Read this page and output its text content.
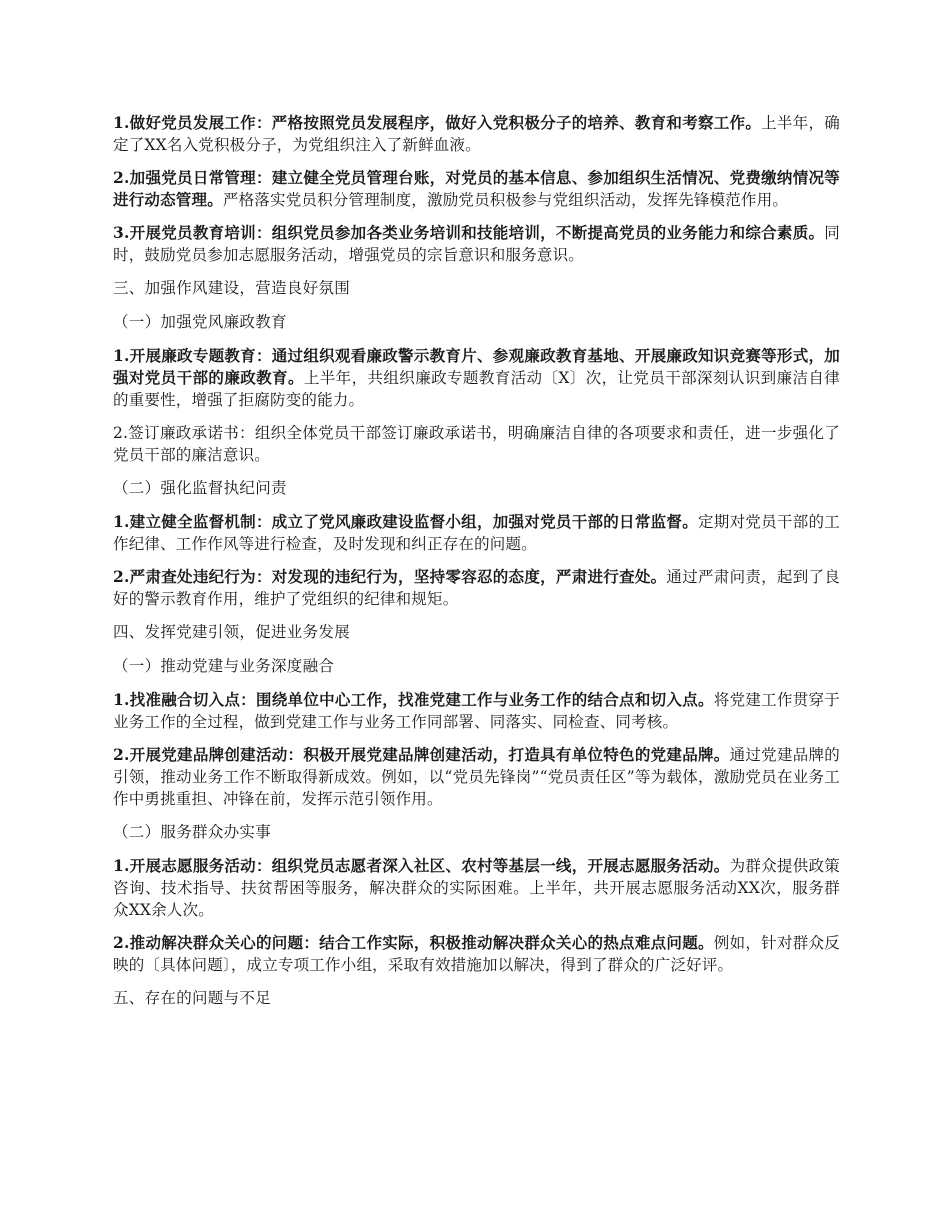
1.做好党员发展工作：严格按照党员发展程序，做好入党积极分子的培养、教育和考察工作。上半年，确定了XX名入党积极分子，为党组织注入了新鲜血液。

2.加强党员日常管理：建立健全党员管理台账，对党员的基本信息、参加组织生活情况、党费缴纳情况等进行动态管理。严格落实党员积分管理制度，激励党员积极参与党组织活动，发挥先锋模范作用。

3.开展党员教育培训：组织党员参加各类业务培训和技能培训，不断提高党员的业务能力和综合素质。同时，鼓励党员参加志愿服务活动，增强党员的宗旨意识和服务意识。

三、加强作风建设，营造良好氛围

（一）加强党风廉政教育

1.开展廉政专题教育：通过组织观看廉政警示教育片、参观廉政教育基地、开展廉政知识竞赛等形式，加强对党员干部的廉政教育。上半年，共组织廉政专题教育活动〔X〕次，让党员干部深刻认识到廉洁自律的重要性，增强了拒腐防变的能力。

2.签订廉政承诺书：组织全体党员干部签订廉政承诺书，明确廉洁自律的各项要求和责任，进一步强化了党员干部的廉洁意识。

（二）强化监督执纪问责

1.建立健全监督机制：成立了党风廉政建设监督小组，加强对党员干部的日常监督。定期对党员干部的工作纪律、工作作风等进行检查，及时发现和纠正存在的问题。

2.严肃查处违纪行为：对发现的违纪行为，坚持零容忍的态度，严肃进行查处。通过严肃问责，起到了良好的警示教育作用，维护了党组织的纪律和规矩。

四、发挥党建引领，促进业务发展

（一）推动党建与业务深度融合

1.找准融合切入点：围绕单位中心工作，找准党建工作与业务工作的结合点和切入点。将党建工作贯穿于业务工作的全过程，做到党建工作与业务工作同部署、同落实、同检查、同考核。

2.开展党建品牌创建活动：积极开展党建品牌创建活动，打造具有单位特色的党建品牌。通过党建品牌的引领，推动业务工作不断取得新成效。例如，以“党员先锋岗”“党员责任区”等为载体，激励党员在业务工作中勇挑重担、冲锋在前，发挥示范引领作用。

（二）服务群众办实事

1.开展志愿服务活动：组织党员志愿者深入社区、农村等基层一线，开展志愿服务活动。为群众提供政策咨询、技术指导、扶贫帮困等服务，解决群众的实际困难。上半年，共开展志愿服务活动XX次，服务群众XX余人次。

2.推动解决群众关心的问题：结合工作实际，积极推动解决群众关心的热点难点问题。例如，针对群众反映的〔具体问题〕，成立专项工作小组，采取有效措施加以解决，得到了群众的广泛好评。

五、存在的问题与不足
